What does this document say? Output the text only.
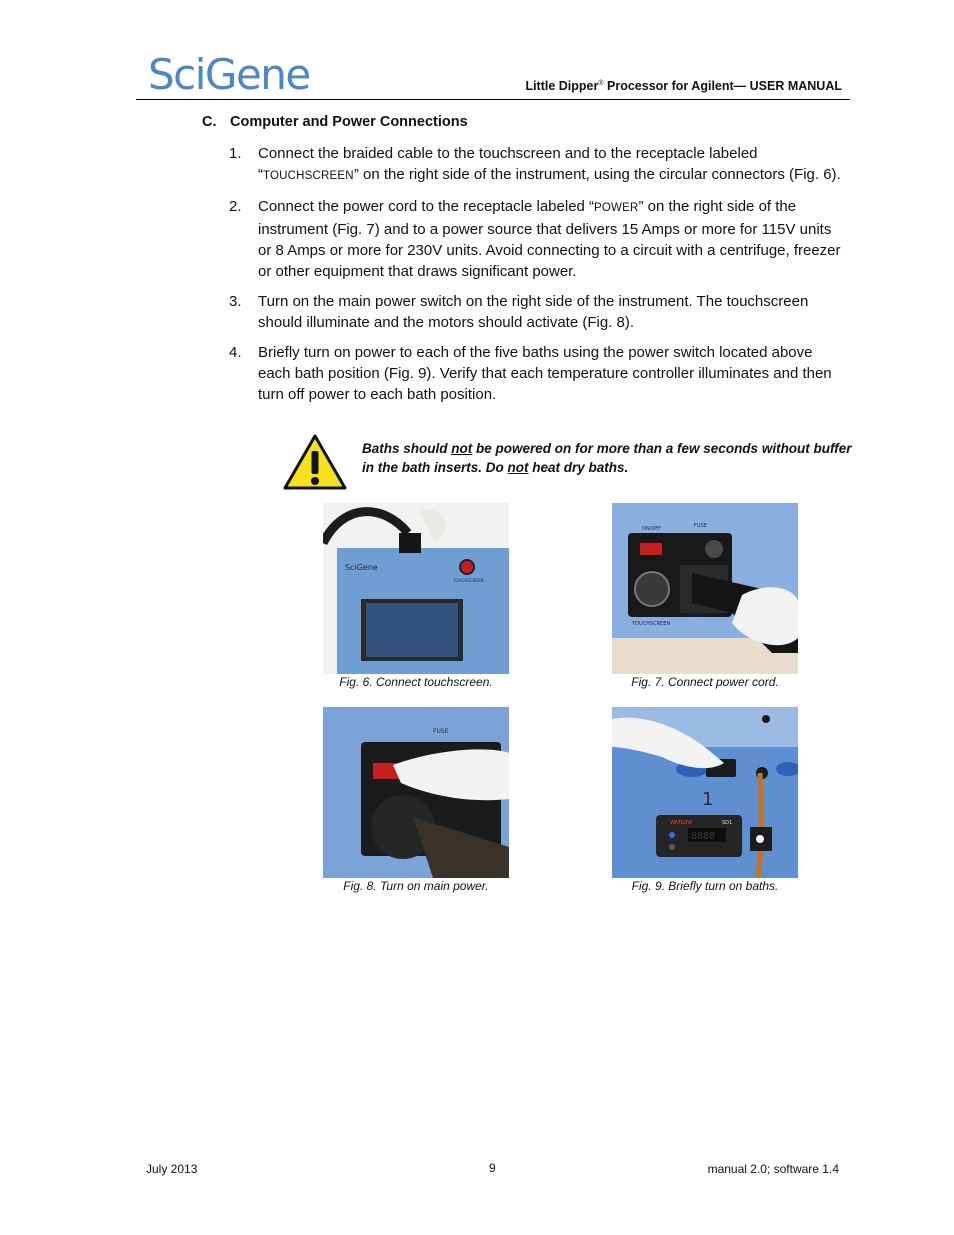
SciGene	Little Dipper® Processor for Agilent— USER MANUAL
C. Computer and Power Connections
1. Connect the braided cable to the touchscreen and to the receptacle labeled “TOUCHSCREEN” on the right side of the instrument, using the circular connectors (Fig. 6).
2. Connect the power cord to the receptacle labeled “POWER” on the right side of the instrument (Fig. 7) and to a power source that delivers 15 Amps or more for 115V units or 8 Amps or more for 230V units. Avoid connecting to a circuit with a centrifuge, freezer or other equipment that draws significant power.
3. Turn on the main power switch on the right side of the instrument. The touchscreen should illuminate and the motors should activate (Fig. 8).
4. Briefly turn on power to each of the five baths using the power switch located above each bath position (Fig. 9). Verify that each temperature controller illuminates and then turn off power to each bath position.
Baths should not be powered on for more than a few seconds without buffer in the bath inserts. Do not heat dry baths.
SciGene
TOUCHSCREEN
Fig. 6. Connect touchscreen.
ON/OFF	FUSE
TOUCHSCREEN
POWER
Fig. 7. Connect power cord.
FUSE
TOUCHSC
Fig. 8. Turn on main power.
1
WATLOW	SD1
8888
Fig. 9. Briefly turn on baths.
July 2013	9	manual 2.0; software 1.4
